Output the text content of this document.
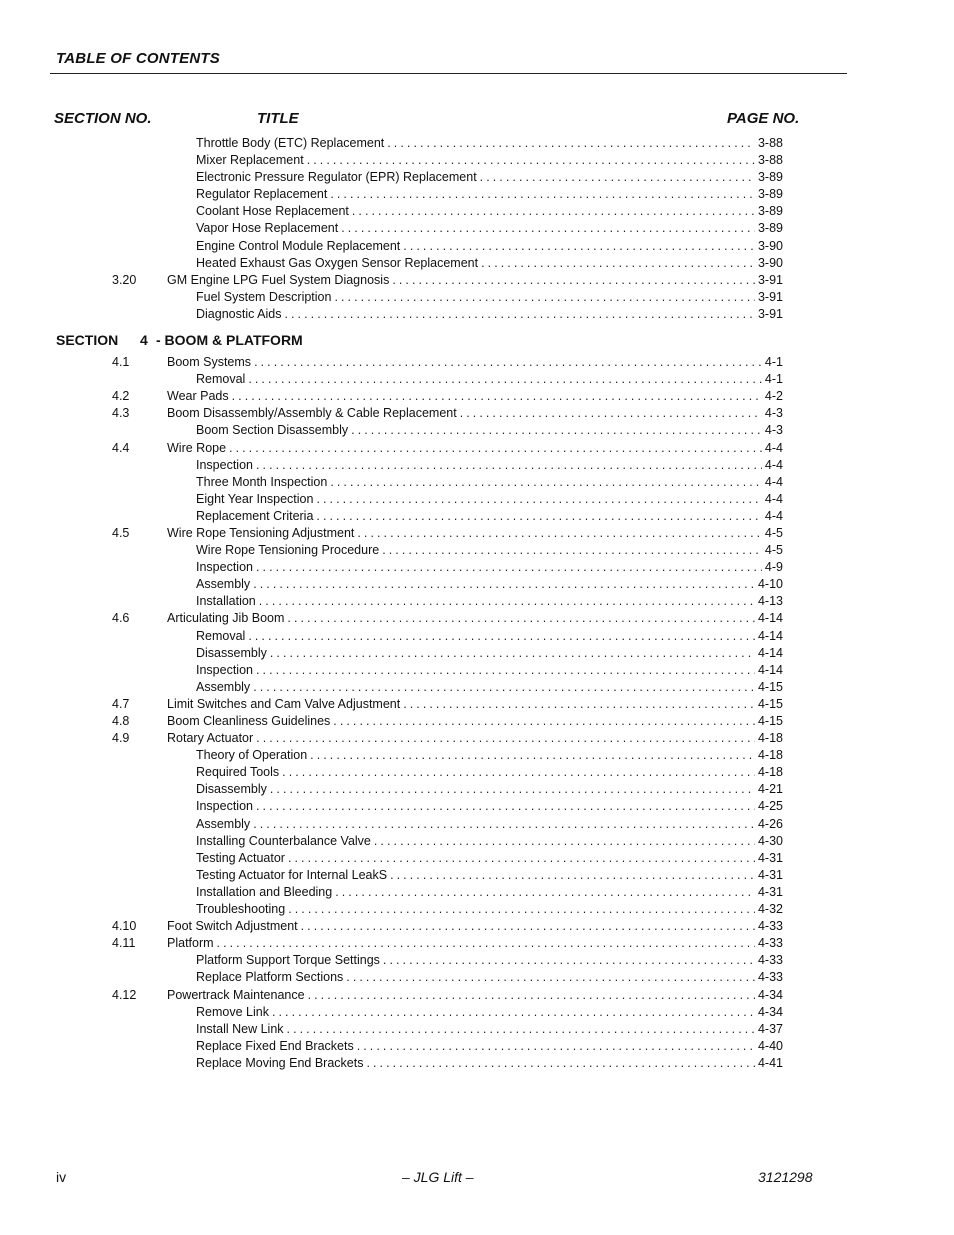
TABLE OF CONTENTS
SECTION NO.	TITLE	PAGE NO.
Throttle Body (ETC) Replacement . . .	3-88
Mixer Replacement . . .	3-88
Electronic Pressure Regulator (EPR) Replacement . . .	3-89
Regulator Replacement . . .	3-89
Coolant Hose Replacement . . .	3-89
Vapor Hose Replacement . . .	3-89
Engine Control Module Replacement . . .	3-90
Heated Exhaust Gas Oxygen Sensor Replacement . . .	3-90
3.20 GM Engine LPG Fuel System Diagnosis . . .	3-91
Fuel System Description . . .	3-91
Diagnostic Aids . . .	3-91
SECTION 4 - BOOM & PLATFORM
4.1	Boom Systems . . .	4-1
Removal . . .	4-1
4.2	Wear Pads . . .	4-2
4.3	Boom Disassembly/Assembly & Cable Replacement . . .	4-3
Boom Section Disassembly . . .	4-3
4.4	Wire Rope . . .	4-4
Inspection . . .	4-4
Three Month Inspection . . .	4-4
Eight Year Inspection . . .	4-4
Replacement Criteria . . .	4-4
4.5	Wire Rope Tensioning Adjustment . . .	4-5
Wire Rope Tensioning Procedure . . .	4-5
Inspection . . .	4-9
Assembly . . .	4-10
Installation . . .	4-13
4.6	Articulating Jib Boom . . .	4-14
Removal . . .	4-14
Disassembly . . .	4-14
Inspection . . .	4-14
Assembly . . .	4-15
4.7	Limit Switches and Cam Valve Adjustment . . .	4-15
4.8	Boom Cleanliness Guidelines . . .	4-15
4.9	Rotary Actuator . . .	4-18
Theory of Operation . . .	4-18
Required Tools . . .	4-18
Disassembly . . .	4-21
Inspection . . .	4-25
Assembly . . .	4-26
Installing Counterbalance Valve . . .	4-30
Testing Actuator . . .	4-31
Testing Actuator for Internal LeakS . . .	4-31
Installation and Bleeding . . .	4-31
Troubleshooting . . .	4-32
4.10 Foot Switch Adjustment . . .	4-33
4.11	Platform . . .	4-33
Platform Support Torque Settings . . .	4-33
Replace Platform Sections . . .	4-33
4.12 Powertrack Maintenance . . .	4-34
Remove Link . . .	4-34
Install New Link . . .	4-37
Replace Fixed End Brackets . . .	4-40
Replace Moving End Brackets . . .	4-41
iv	– JLG Lift –	3121298
